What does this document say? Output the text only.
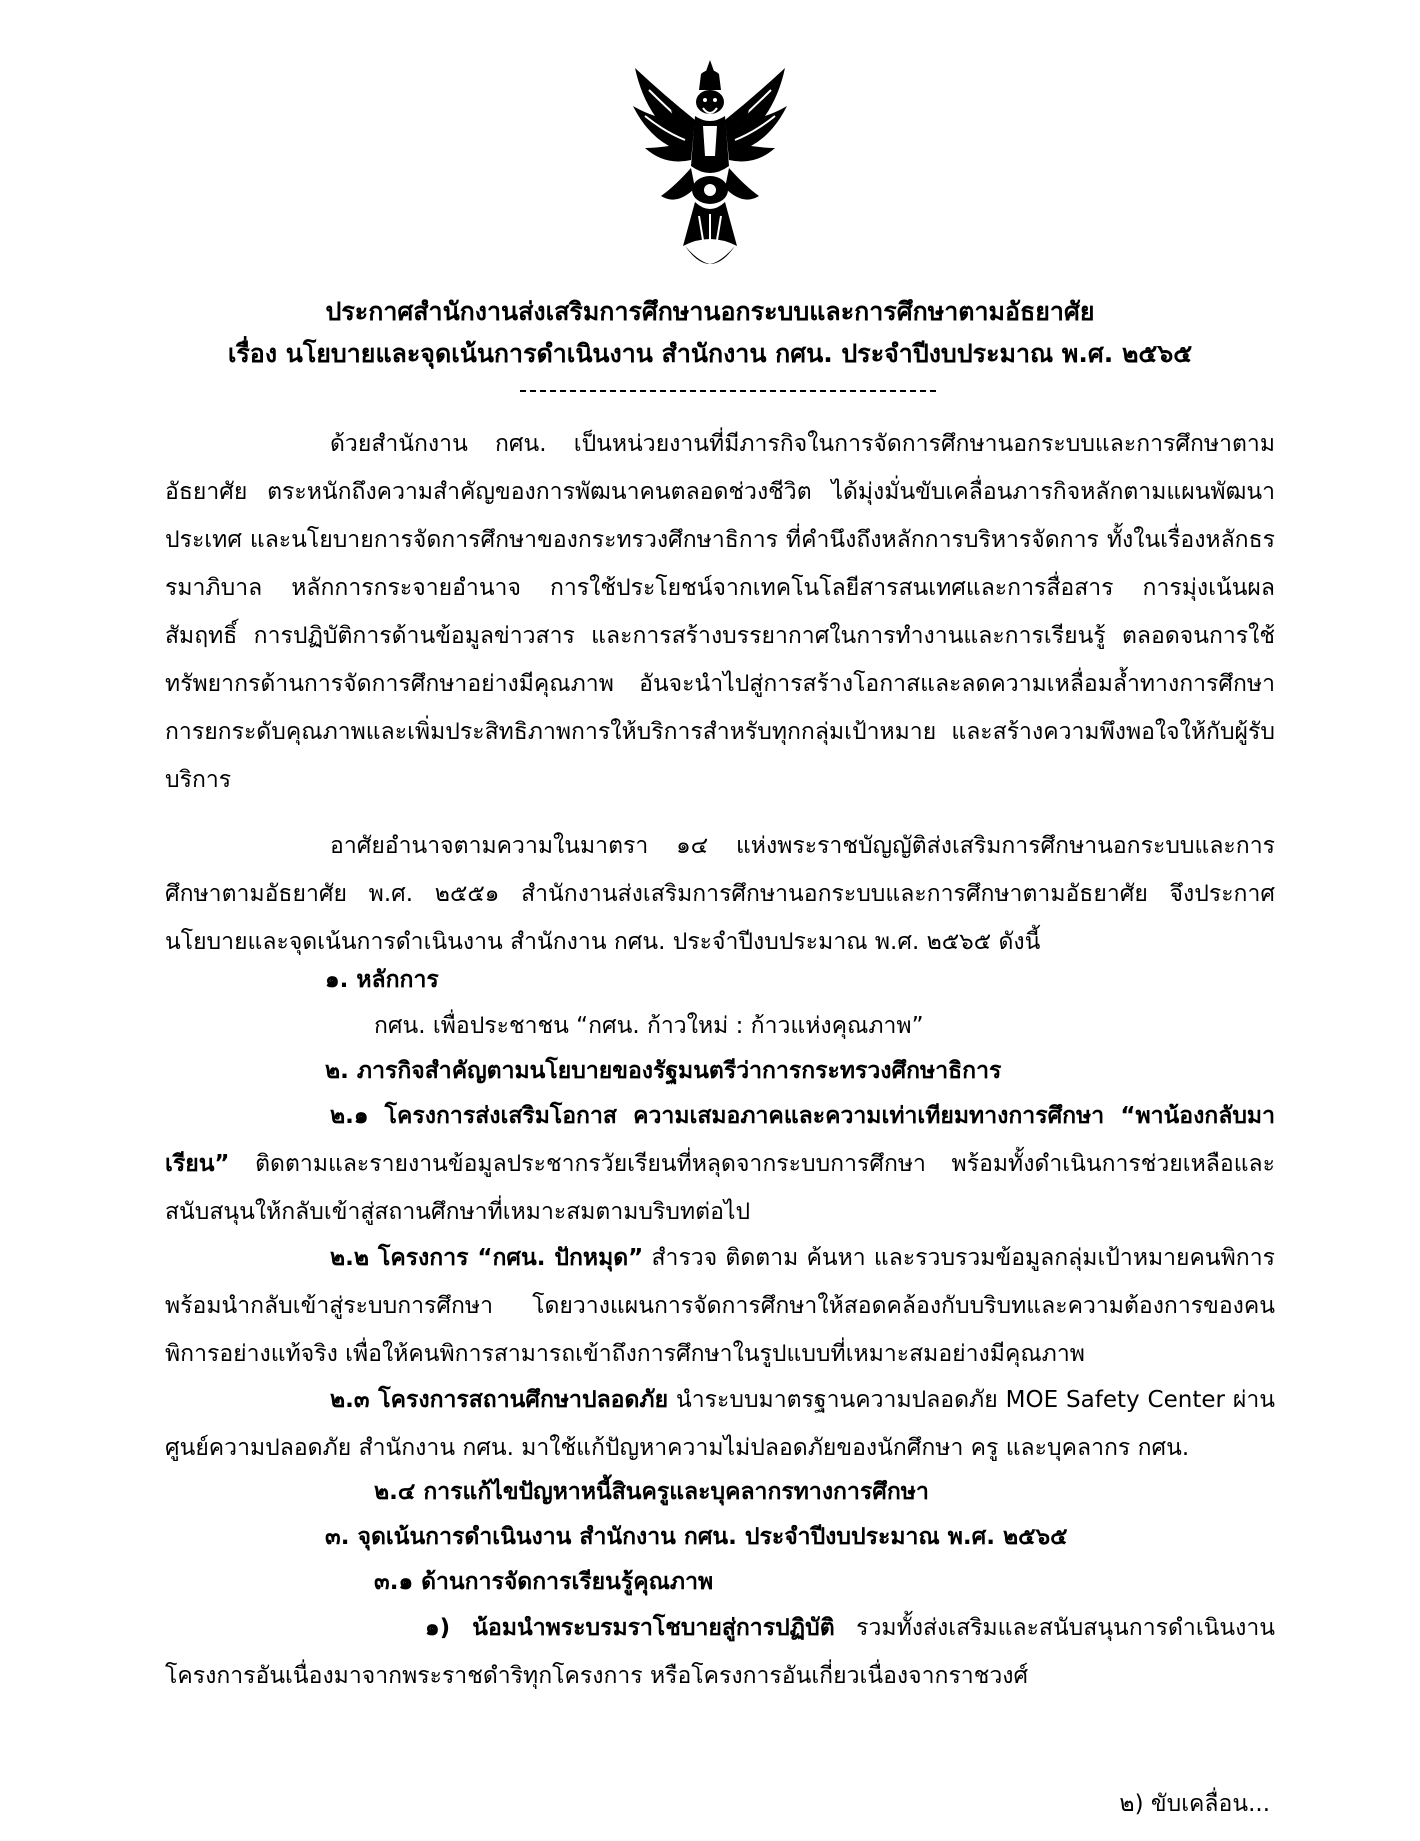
ประกาศสำนักงานส่งเสริมการศึกษานอกระบบและการศึกษาตามอัธยาศัย
เรื่อง นโยบายและจุดเน้นการดำเนินงาน สำนักงาน กศน. ประจำปีงบประมาณ พ.ศ. ๒๕๖๕

ด้วยสำนักงาน กศน. เป็นหน่วยงานที่มีภารกิจในการจัดการศึกษานอกระบบและการศึกษาตามอัธยาศัย ตระหนักถึงความสำคัญของการพัฒนาคนตลอดช่วงชีวิต ได้มุ่งมั่นขับเคลื่อนภารกิจหลักตามแผนพัฒนาประเทศ และนโยบายการจัดการศึกษาของกระทรวงศึกษาธิการ ที่คำนึงถึงหลักการบริหารจัดการ ทั้งในเรื่องหลักธรรมาภิบาล หลักการกระจายอำนาจ การใช้ประโยชน์จากเทคโนโลยีสารสนเทศและการสื่อสาร การมุ่งเน้นผลสัมฤทธิ์ การปฏิบัติการด้านข้อมูลข่าวสาร และการสร้างบรรยากาศในการทำงานและการเรียนรู้ ตลอดจนการใช้ทรัพยากรด้านการจัดการศึกษาอย่างมีคุณภาพ อันจะนำไปสู่การสร้างโอกาสและลดความเหลื่อมล้ำทางการศึกษา การยกระดับคุณภาพและเพิ่มประสิทธิภาพการให้บริการสำหรับทุกกลุ่มเป้าหมาย และสร้างความพึงพอใจให้กับผู้รับบริการ

อาศัยอำนาจตามความในมาตรา ๑๔ แห่งพระราชบัญญัติส่งเสริมการศึกษานอกระบบและการศึกษาตามอัธยาศัย พ.ศ. ๒๕๕๑ สำนักงานส่งเสริมการศึกษานอกระบบและการศึกษาตามอัธยาศัย จึงประกาศนโยบายและจุดเน้นการดำเนินงาน สำนักงาน กศน. ประจำปีงบประมาณ พ.ศ. ๒๕๖๕ ดังนี้

๑. หลักการ
กศน. เพื่อประชาชน “กศน. ก้าวใหม่ : ก้าวแห่งคุณภาพ”
๒. ภารกิจสำคัญตามนโยบายของรัฐมนตรีว่าการกระทรวงศึกษาธิการ

๒.๑ โครงการส่งเสริมโอกาส ความเสมอภาคและความเท่าเทียมทางการศึกษา “พาน้องกลับมาเรียน” ติดตามและรายงานข้อมูลประชากรวัยเรียนที่หลุดจากระบบการศึกษา พร้อมทั้งดำเนินการช่วยเหลือและสนับสนุนให้กลับเข้าสู่สถานศึกษาที่เหมาะสมตามบริบทต่อไป

๒.๒ โครงการ “กศน. ปักหมุด” สำรวจ ติดตาม ค้นหา และรวบรวมข้อมูลกลุ่มเป้าหมายคนพิการ พร้อมนำกลับเข้าสู่ระบบการศึกษา โดยวางแผนการจัดการศึกษาให้สอดคล้องกับบริบทและความต้องการของคนพิการอย่างแท้จริง เพื่อให้คนพิการสามารถเข้าถึงการศึกษาในรูปแบบที่เหมาะสมอย่างมีคุณภาพ

๒.๓ โครงการสถานศึกษาปลอดภัย นำระบบมาตรฐานความปลอดภัย MOE Safety Center ผ่านศูนย์ความปลอดภัย สำนักงาน กศน. มาใช้แก้ปัญหาความไม่ปลอดภัยของนักศึกษา ครู และบุคลากร กศน.

๒.๔ การแก้ไขปัญหาหนี้สินครูและบุคลากรทางการศึกษา
๓. จุดเน้นการดำเนินงาน สำนักงาน กศน. ประจำปีงบประมาณ พ.ศ. ๒๕๖๕
๓.๑ ด้านการจัดการเรียนรู้คุณภาพ

๑) น้อมนำพระบรมราโชบายสู่การปฏิบัติ รวมทั้งส่งเสริมและสนับสนุนการดำเนินงานโครงการอันเนื่องมาจากพระราชดำริทุกโครงการ หรือโครงการอันเกี่ยวเนื่องจากราชวงศ์

๒) ขับเคลื่อน...
